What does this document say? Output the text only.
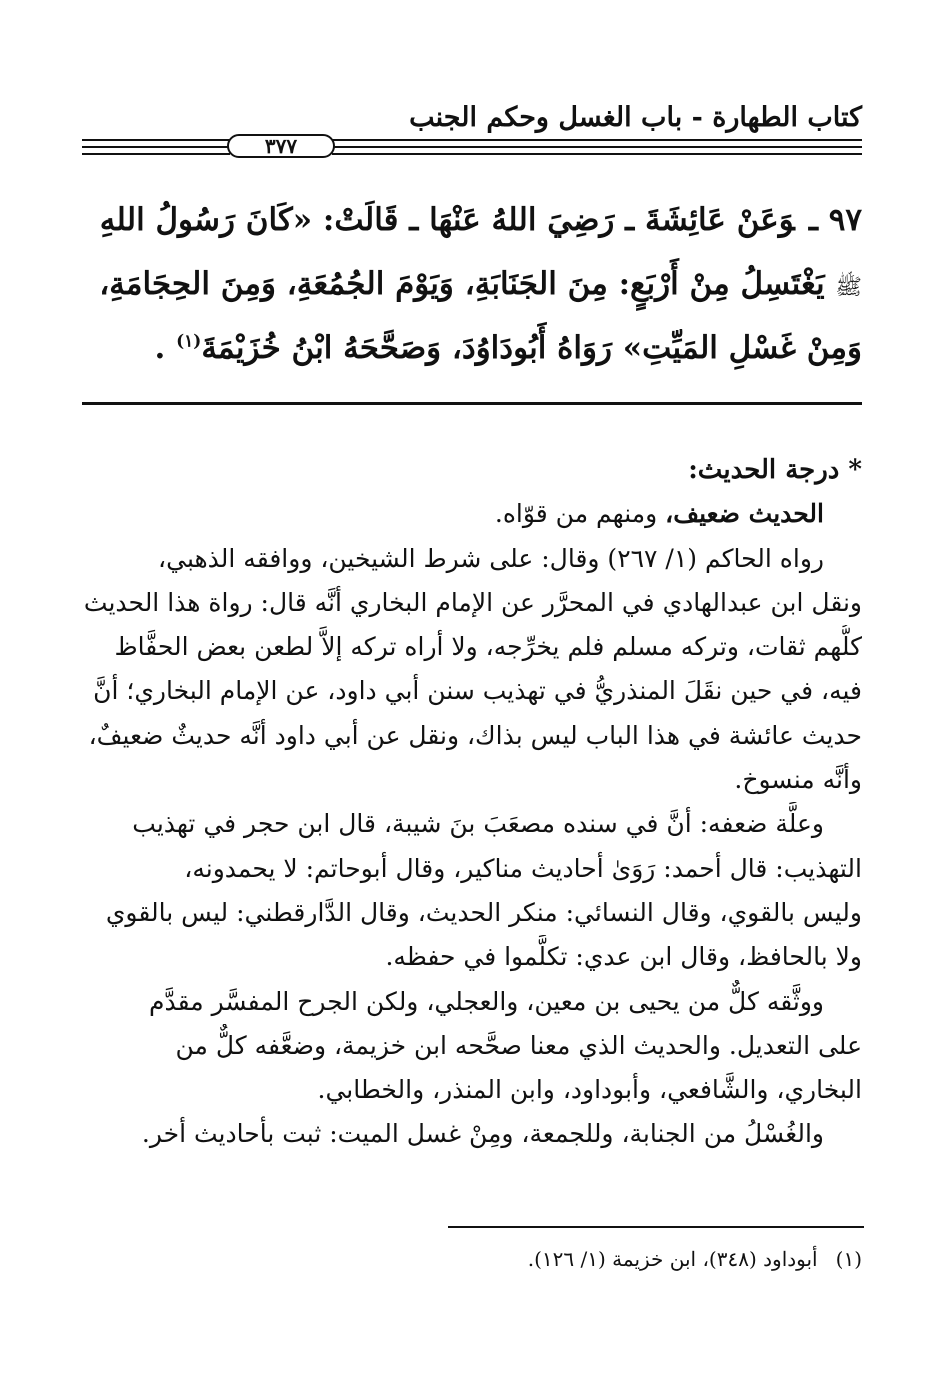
كتاب الطهارة - باب الغسل وحكم الجنب
٣٧٧
٩٧ ـوَعَنْ عَائِشَةَ ـ رَضِيَ اللهُ عَنْهَا ـ قَالَتْ: «كَانَ رَسُولُ اللهِ
ﷺ يَغْتَسِلُ مِنْ أَرْبَعٍ: مِنَ الجَنَابَةِ، وَيَوْمَ الجُمُعَةِ، وَمِنَ الحِجَامَةِ،
وَمِنْ غَسْلِ المَيِّتِ» رَوَاهُ أَبُودَاوُدَ، وَصَحَّحَهُ ابْنُ خُزَيْمَةَ$^{(١)}$ .
* درجة الحديث:
الحديث ضعيف، ومنهم من قوّاه.
رواه الحاكم (١/ ٢٦٧) وقال: على شرط الشيخين، ووافقه الذهبي،
ونقل ابن عبدالهادي في المحرَّر عن الإمام البخاري أنَّه قال: رواة هذا الحديث
كلُّهم ثقات، وتركه مسلم فلم يخرِّجه، ولا أراه تركه إلاَّ لطعن بعض الحفَّاظ
فيه، في حين نقَلَ المنذريُّ في تهذيب سنن أبي داود، عن الإمام البخاري؛ أنَّ
حديث عائشة في هذا الباب ليس بذاك، ونقل عن أبي داود أنَّه حديثٌ ضعيفٌ،
وأنَّه منسوخ.
وعلَّة ضعفه: أنَّ في سنده مصعَبَ بنَ شيبة، قال ابن حجر في تهذيب
التهذيب: قال أحمد: رَوَىٰ أحاديث مناكير، وقال أبوحاتم: لا يحمدونه،
وليس بالقوي، وقال النسائي: منكر الحديث، وقال الدَّارقطني: ليس بالقوي
ولا بالحافظ، وقال ابن عدي: تكلَّموا في حفظه.
ووثَّقه كلٌّ من يحيى بن معين، والعجلي، ولكن الجرح المفسَّر مقدَّم
على التعديل. والحديث الذي معنا صحَّحه ابن خزيمة، وضعَّفه كلٌّ من
البخاري، والشَّافعي، وأبوداود، وابن المنذر، والخطابي.
والغُسْلُ من الجنابة، وللجمعة، ومِنْ غسل الميت: ثبت بأحاديث أخر.
(١)أبوداود (٣٤٨)، ابن خزيمة (١/ ١٢٦).
